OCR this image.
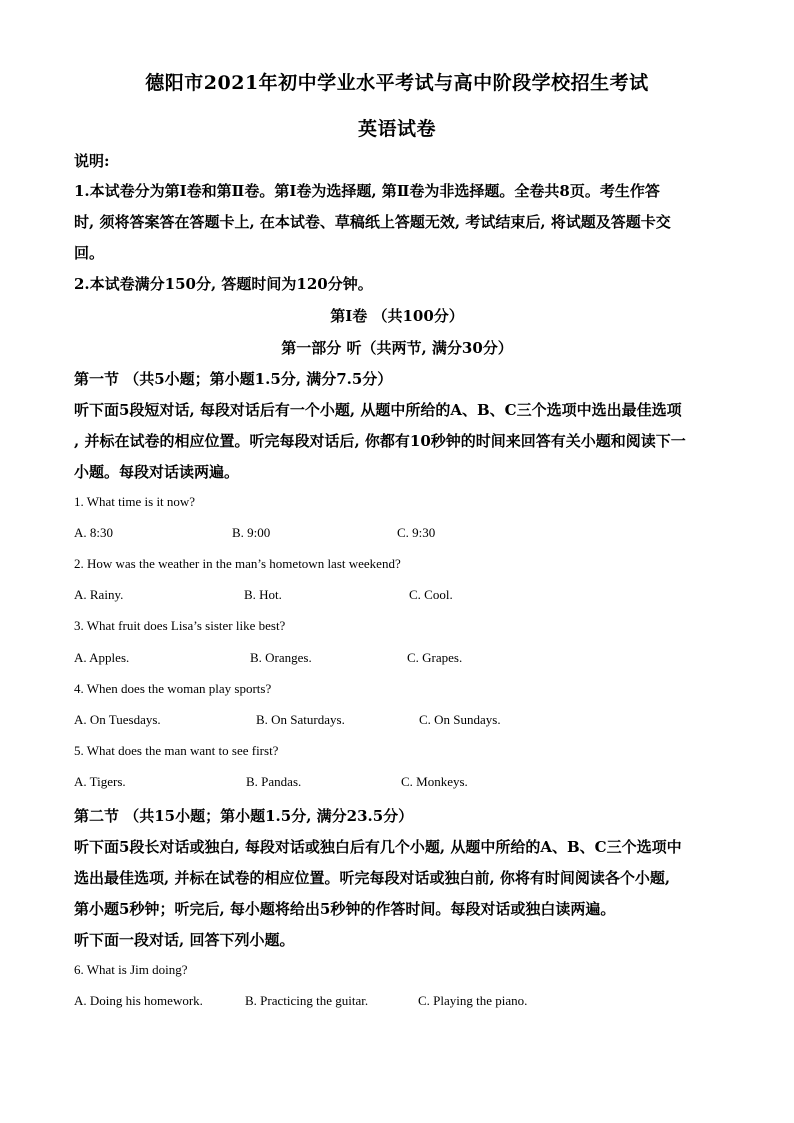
德阳市2021年初中学业水平考试与高中阶段学校招生考试
英语试卷
说明:
1.本试卷分为第Ⅰ卷和第Ⅱ卷。第Ⅰ卷为选择题, 第Ⅱ卷为非选择题。全卷共8页。考生作答
时, 须将答案答在答题卡上, 在本试卷、草稿纸上答题无效, 考试结束后, 将试题及答题卡交
回。
2.本试卷满分150分, 答题时间为120分钟。
第Ⅰ卷 （共100分）
第一部分 听（共两节, 满分30分）
第一节 （共5小题；第小题1.5分, 满分7.5分）
听下面5段短对话, 每段对话后有一个小题, 从题中所给的A、B、C三个选项中选出最佳选项
, 并标在试卷的相应位置。听完每段对话后, 你都有10秒钟的时间来回答有关小题和阅读下一
小题。每段对话读两遍。
1. What time is it now?
A. 8:30	B. 9:00	C. 9:30
2. How was the weather in the man’s hometown last weekend?
A. Rainy.	B. Hot.	C. Cool.
3. What fruit does Lisa’s sister like best?
A. Apples.	B. Oranges.	C. Grapes.
4. When does the woman play sports?
A. On Tuesdays.	B. On Saturdays.	C. On Sundays.
5. What does the man want to see first?
A. Tigers.	B. Pandas.	C. Monkeys.
第二节 （共15小题；第小题1.5分, 满分23.5分）
听下面5段长对话或独白, 每段对话或独白后有几个小题, 从题中所给的A、B、C三个选项中
选出最佳选项, 并标在试卷的相应位置。听完每段对话或独白前, 你将有时间阅读各个小题,
第小题5秒钟；听完后, 每小题将给出5秒钟的作答时间。每段对话或独白读两遍。
听下面一段对话, 回答下列小题。
6. What is Jim doing?
A. Doing his homework.	B. Practicing the guitar.	C. Playing the piano.
